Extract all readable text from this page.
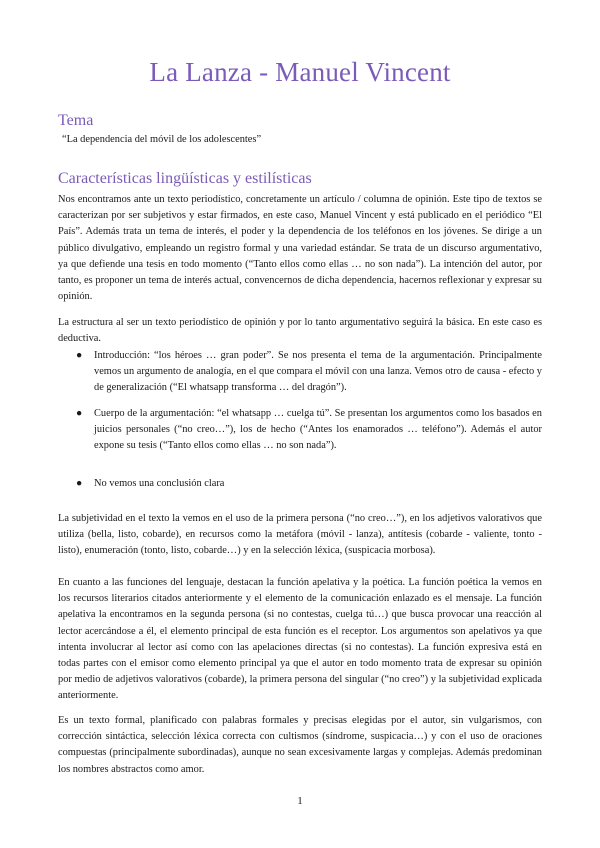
La Lanza - Manuel Vincent
Tema
“La dependencia del móvil de los adolescentes”
Características lingüísticas y estilísticas

Nos encontramos ante un texto periodístico, concretamente un artículo / columna de opinión. Este tipo de textos se caracterizan por ser subjetivos y estar firmados, en este caso, Manuel Vincent y está publicado en el periódico “El País”. Además trata un tema de interés, el poder y la dependencia de los teléfonos en los jóvenes. Se dirige a un público divulgativo, empleando un registro formal y una variedad estándar. Se trata de un discurso argumentativo, ya que defiende una tesis en todo momento (“Tanto ellos como ellas … no son nada”). La intención del autor, por tanto, es proponer un tema de interés actual, convencernos de dicha dependencia, hacernos reflexionar y expresar su opinión.

La estructura al ser un texto periodístico de opinión y por lo tanto argumentativo seguirá la básica. En este caso es deductiva.

● Introducción: “los héroes … gran poder”. Se nos presenta el tema de la argumentación. Principalmente vemos un argumento de analogía, en el que compara el móvil con una lanza. Vemos otro de causa - efecto y de generalización (“El whatsapp transforma … del dragón”).
● Cuerpo de la argumentación: “el whatsapp … cuelga tú”. Se presentan los argumentos como los basados en juicios personales (“no creo…”), los de hecho (“Antes los enamorados … teléfono”). Además el autor expone su tesis (“Tanto ellos como ellas … no son nada”).
● No vemos una conclusión clara

La subjetividad en el texto la vemos en el uso de la primera persona (“no creo…”), en los adjetivos valorativos que utiliza (bella, listo, cobarde), en recursos como la metáfora (móvil - lanza), antítesis (cobarde - valiente, tonto - listo), enumeración (tonto, listo, cobarde…) y en la selección léxica, (suspicacia morbosa).

En cuanto a las funciones del lenguaje, destacan la función apelativa y la poética. La función poética la vemos en los recursos literarios citados anteriormente y el elemento de la comunicación enlazado es el mensaje. La función apelativa la encontramos en la segunda persona (si no contestas, cuelga tú…) que busca provocar una reacción al lector acercándose a él, el elemento principal de esta función es el receptor. Los argumentos son apelativos ya que intenta involucrar al lector así como con las apelaciones directas (si no contestas). La función expresiva está en todas partes con el emisor como elemento principal ya que el autor en todo momento trata de expresar su opinión por medio de adjetivos valorativos (cobarde), la primera persona del singular (“no creo”) y la subjetividad explicada anteriormente.

Es un texto formal, planificado con palabras formales y precisas elegidas por el autor, sin vulgarismos, con corrección sintáctica, selección léxica correcta con cultismos (síndrome, suspicacia…) y con el uso de oraciones compuestas (principalmente subordinadas), aunque no sean excesivamente largas y complejas. Además predominan los nombres abstractos como amor.

1
